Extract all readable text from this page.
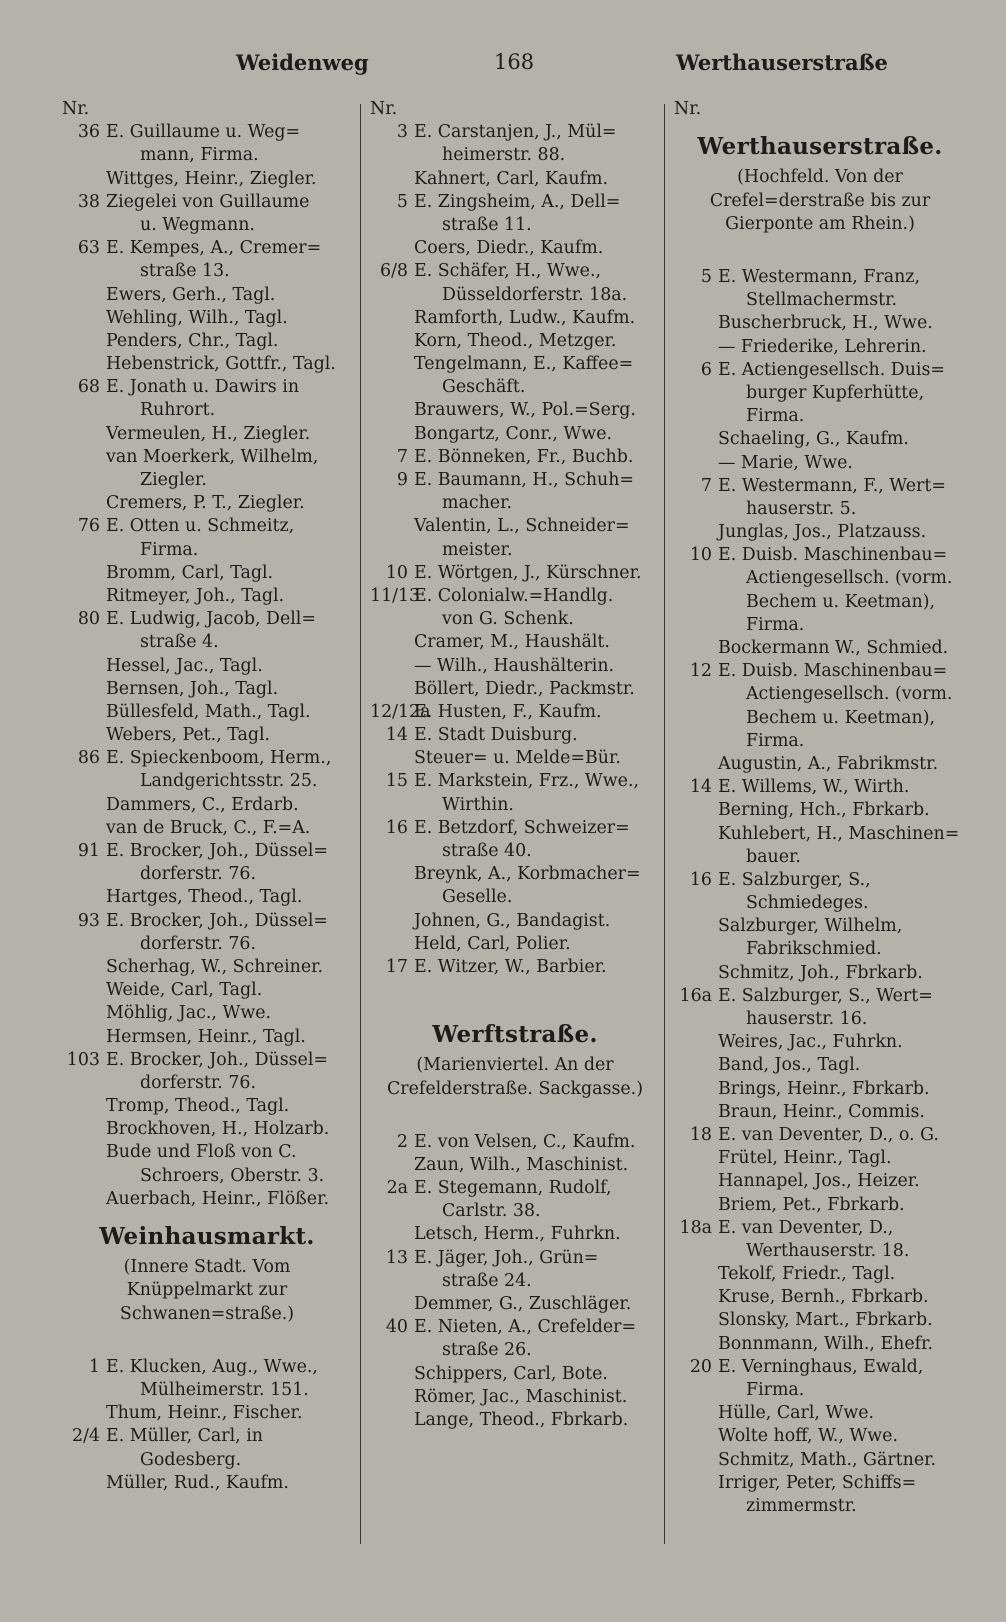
Weidenweg	168	Werthauserstraße
Nr.
36 E. Guillaume u. Weg=
mann, Firma.
Wittges, Heinr., Ziegler.
38 Ziegelei von Guillaume
u. Wegmann.
63 E. Kempes, A., Cremer=
straße 13.
Ewers, Gerh., Tagl.
Wehling, Wilh., Tagl.
Penders, Chr., Tagl.
Hebenstrick, Gottfr., Tagl.
68 E. Jonath u. Dawirs in
Ruhrort.
Vermeulen, H., Ziegler.
van Moerkerk, Wilhelm,
Ziegler.
Cremers, P. T., Ziegler.
76 E. Otten u. Schmeitz,
Firma.
Bromm, Carl, Tagl.
Ritmeyer, Joh., Tagl.
80 E. Ludwig, Jacob, Dell=
straße 4.
Hessel, Jac., Tagl.
Bernsen, Joh., Tagl.
Büllesfeld, Math., Tagl.
Webers, Pet., Tagl.
86 E. Spieckenboom, Herm.,
Landgerichtsstr. 25.
Dammers, C., Erdarb.
van de Bruck, C., F.=A.
91 E. Brocker, Joh., Düssel=
dorferstr. 76.
Hartges, Theod., Tagl.
93 E. Brocker, Joh., Düssel=
dorferstr. 76.
Scherhag, W., Schreiner.
Weide, Carl, Tagl.
Möhlig, Jac., Wwe.
Hermsen, Heinr., Tagl.
103 E. Brocker, Joh., Düssel=
dorferstr. 76.
Tromp, Theod., Tagl.
Brockhoven, H., Holzarb.
Bude und Floß von C.
Schroers, Oberstr. 3.
Auerbach, Heinr., Flößer.
Weinhausmarkt.
(Innere Stadt. Vom Knüppelmarkt zur Schwanen=straße.)
1 E. Klucken, Aug., Wwe.,
Mülheimerstr. 151.
Thum, Heinr., Fischer.
2/4 E. Müller, Carl, in
Godesberg.
Müller, Rud., Kaufm.
Nr.
3 E. Carstanjen, J., Mül=
heimerstr. 88.
Kahnert, Carl, Kaufm.
5 E. Zingsheim, A., Dell=
straße 11.
Coers, Diedr., Kaufm.
6/8 E. Schäfer, H., Wwe.,
Düsseldorferstr. 18a.
Ramforth, Ludw., Kaufm.
Korn, Theod., Metzger.
Tengelmann, E., Kaffee=
Geschäft.
Brauwers, W., Pol.=Serg.
Bongartz, Conr., Wwe.
7 E. Bönneken, Fr., Buchb.
9 E. Baumann, H., Schuh=
macher.
Valentin, L., Schneider=
meister.
10 E. Wörtgen, J., Kürschner.
11/13E. Colonialw.=Handlg.
von G. Schenk.
Cramer, M., Haushält.
— Wilh., Haushälterin.
Böllert, Diedr., Packmstr.
12/12aE. Husten, F., Kaufm.
14 E. Stadt Duisburg.
Steuer= u. Melde=Bür.
15 E. Markstein, Frz., Wwe.,
Wirthin.
16 E. Betzdorf, Schweizer=
straße 40.
Breynk, A., Korbmacher=
Geselle.
Johnen, G., Bandagist.
Held, Carl, Polier.
17 E. Witzer, W., Barbier.
Werftstraße.
(Marienviertel. An der Crefelderstraße. Sackgasse.)
2 E. von Velsen, C., Kaufm.
Zaun, Wilh., Maschinist.
2a E. Stegemann, Rudolf,
Carlstr. 38.
Letsch, Herm., Fuhrkn.
13 E. Jäger, Joh., Grün=
straße 24.
Demmer, G., Zuschläger.
40 E. Nieten, A., Crefelder=
straße 26.
Schippers, Carl, Bote.
Römer, Jac., Maschinist.
Lange, Theod., Fbrkarb.
Nr.
Werthauserstraße.
(Hochfeld. Von der Crefel=derstraße bis zur Gierponte am Rhein.)
5 E. Westermann, Franz,
Stellmachermstr.
Buscherbruck, H., Wwe.
— Friederike, Lehrerin.
6 E. Actiengesellsch. Duis=
burger Kupferhütte,
Firma.
Schaeling, G., Kaufm.
— Marie, Wwe.
7 E. Westermann, F., Wert=
hauserstr. 5.
Junglas, Jos., Platzauss.
10 E. Duisb. Maschinenbau=
Actiengesellsch. (vorm.
Bechem u. Keetman),
Firma.
Bockermann W., Schmied.
12 E. Duisb. Maschinenbau=
Actiengesellsch. (vorm.
Bechem u. Keetman),
Firma.
Augustin, A., Fabrikmstr.
14 E. Willems, W., Wirth.
Berning, Hch., Fbrkarb.
Kuhlebert, H., Maschinen=
bauer.
16 E. Salzburger, S.,
Schmiedeges.
Salzburger, Wilhelm,
Fabrikschmied.
Schmitz, Joh., Fbrkarb.
16a E. Salzburger, S., Wert=
hauserstr. 16.
Weires, Jac., Fuhrkn.
Band, Jos., Tagl.
Brings, Heinr., Fbrkarb.
Braun, Heinr., Commis.
18 E. van Deventer, D., o. G.
Frütel, Heinr., Tagl.
Hannapel, Jos., Heizer.
Briem, Pet., Fbrkarb.
18a E. van Deventer, D.,
Werthauserstr. 18.
Tekolf, Friedr., Tagl.
Kruse, Bernh., Fbrkarb.
Slonsky, Mart., Fbrkarb.
Bonnmann, Wilh., Ehefr.
20 E. Verninghaus, Ewald,
Firma.
Hülle, Carl, Wwe.
Wolte hoff, W., Wwe.
Schmitz, Math., Gärtner.
Irriger, Peter, Schiffs=
zimmermstr.
